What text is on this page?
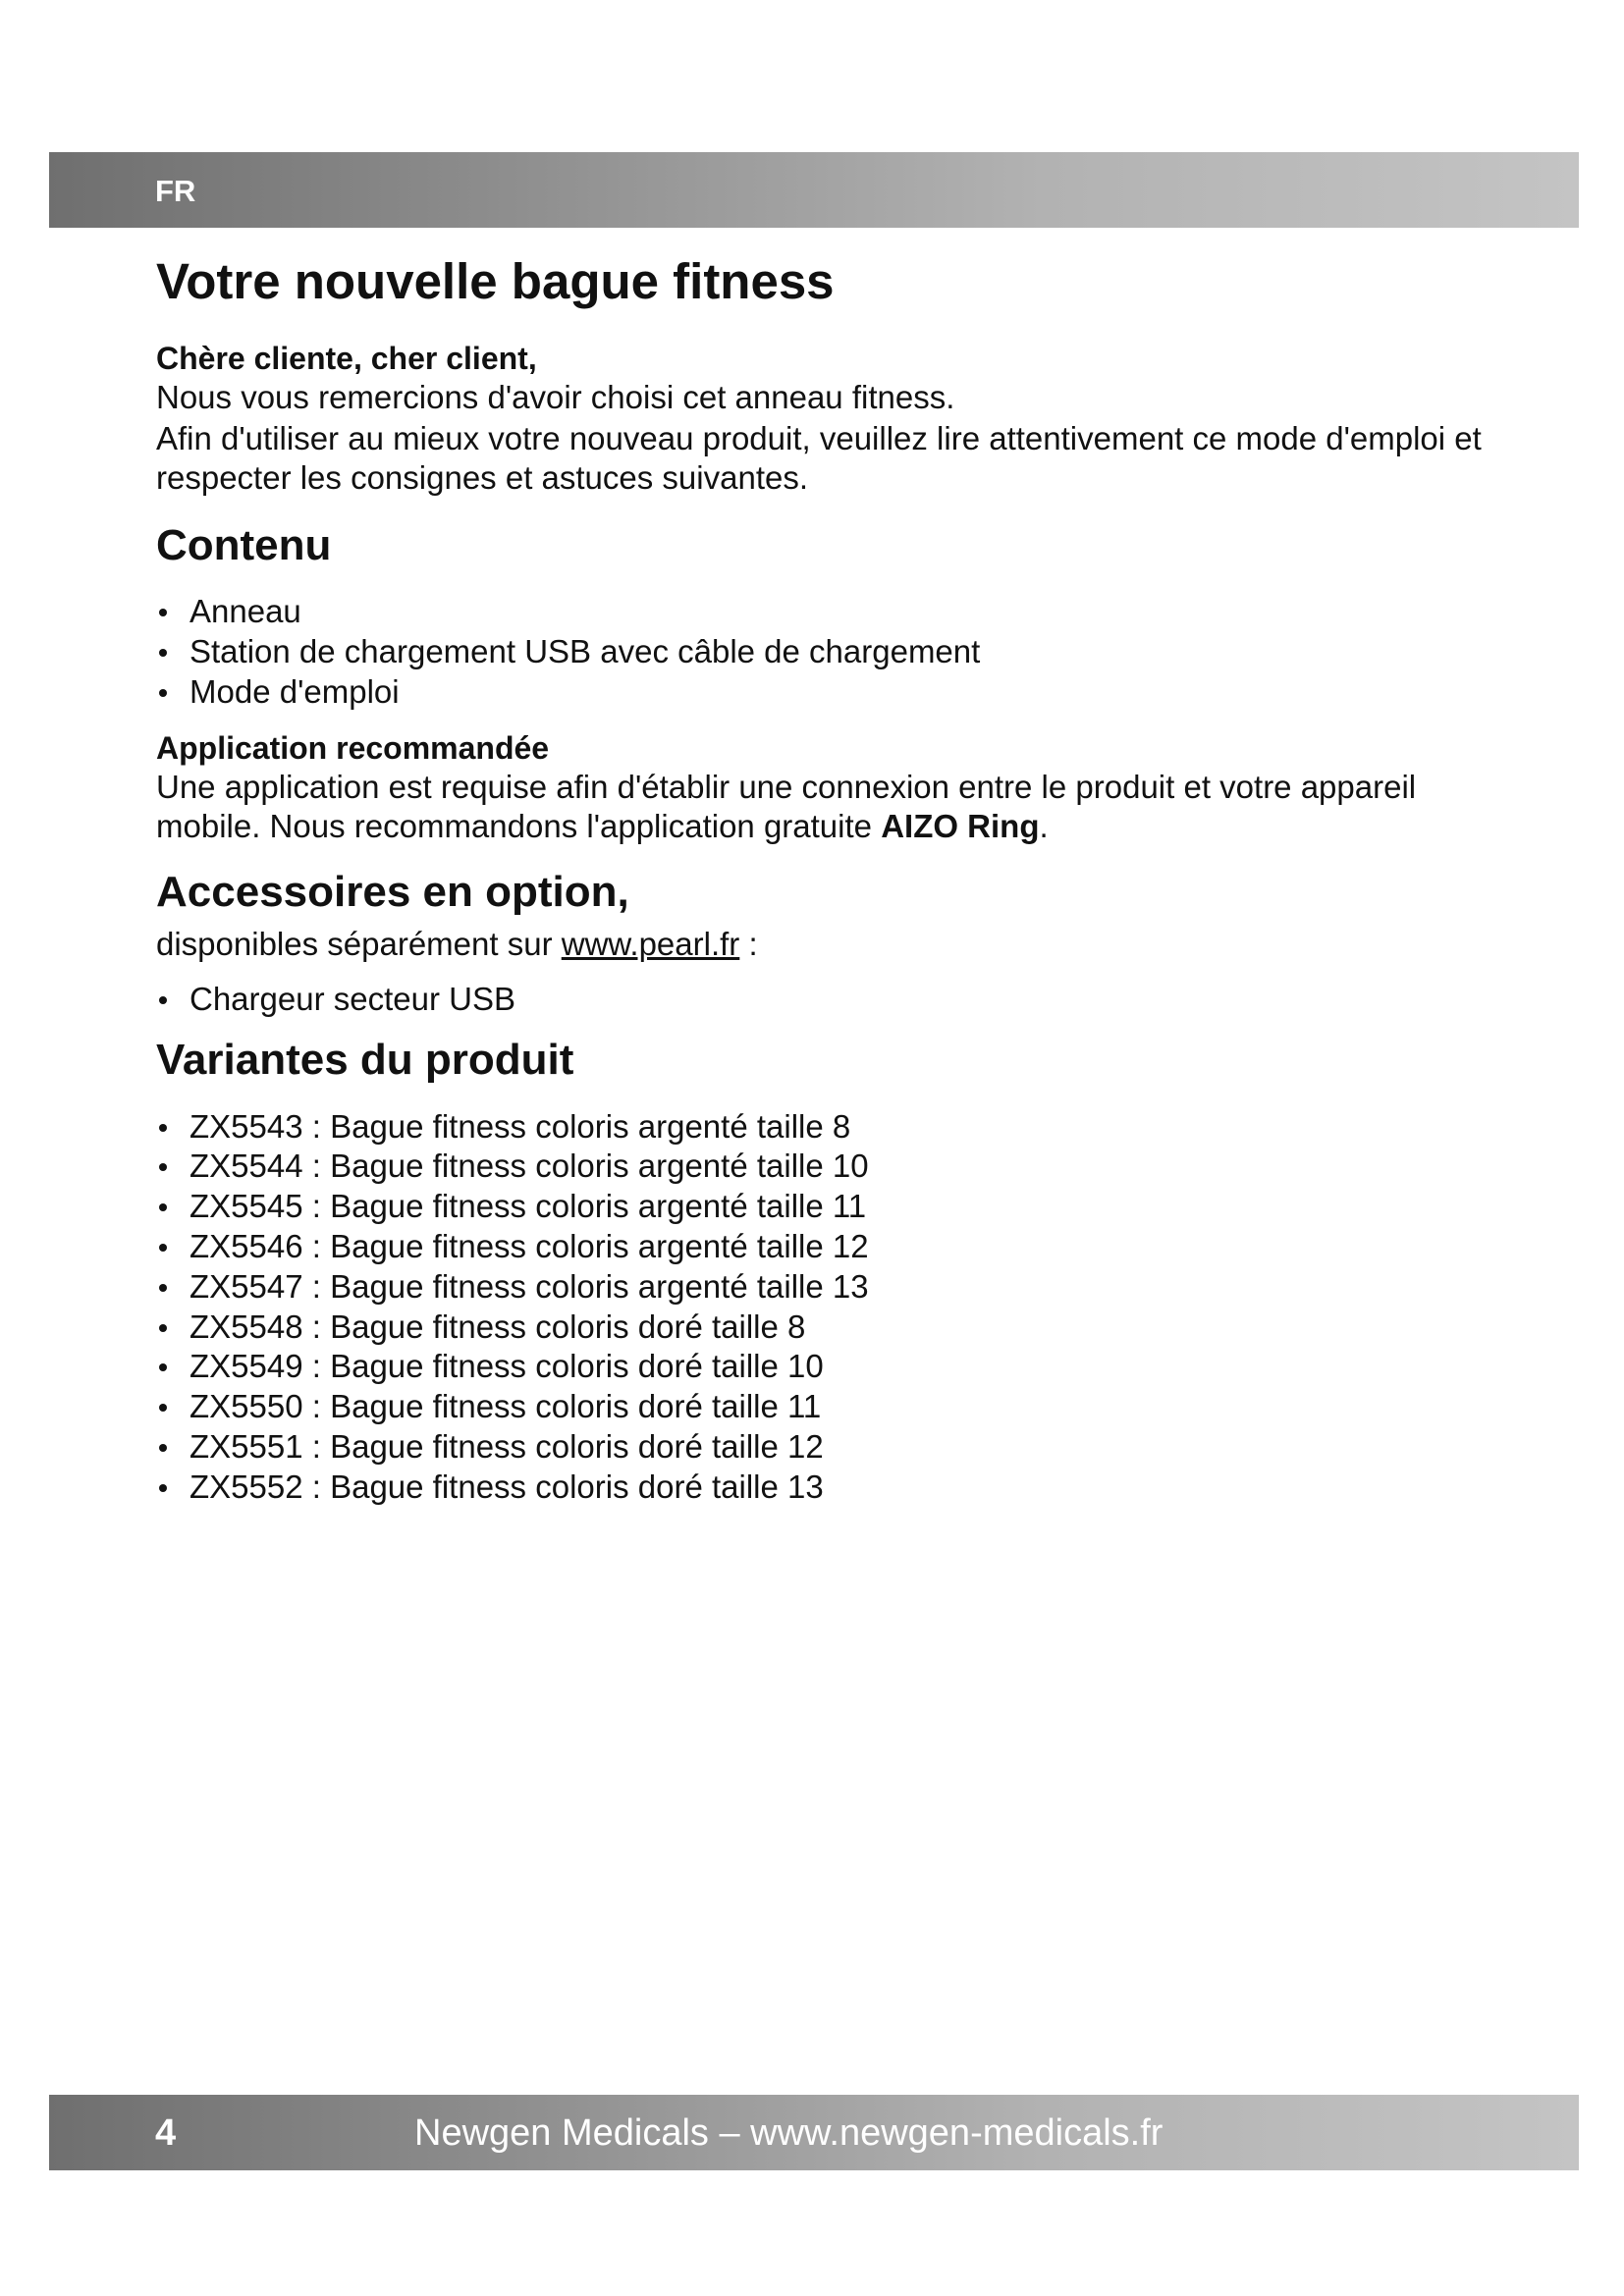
FR
Votre nouvelle bague fitness
Chère cliente, cher client,

Nous vous remercions d'avoir choisi cet anneau fitness.

Afin d'utiliser au mieux votre nouveau produit, veuillez lire attentivement ce mode d'emploi et respecter les consignes et astuces suivantes.

Contenu
Anneau
Station de chargement USB avec câble de chargement
Mode d'emploi
Application recommandée

Une application est requise afin d'établir une connexion entre le produit et votre appareil mobile. Nous recommandons l'application gratuite AIZO Ring.

Accessoires en option,

disponibles séparément sur www.pearl.fr :

Chargeur secteur USB
Variantes du produit
ZX5543 : Bague fitness coloris argenté taille 8
ZX5544 : Bague fitness coloris argenté taille 10
ZX5545 : Bague fitness coloris argenté taille 11
ZX5546 : Bague fitness coloris argenté taille 12
ZX5547 : Bague fitness coloris argenté taille 13
ZX5548 : Bague fitness coloris doré taille 8
ZX5549 : Bague fitness coloris doré taille 10
ZX5550 : Bague fitness coloris doré taille 11
ZX5551 : Bague fitness coloris doré taille 12
ZX5552 : Bague fitness coloris doré taille 13
4	Newgen Medicals – www.newgen-medicals.fr
